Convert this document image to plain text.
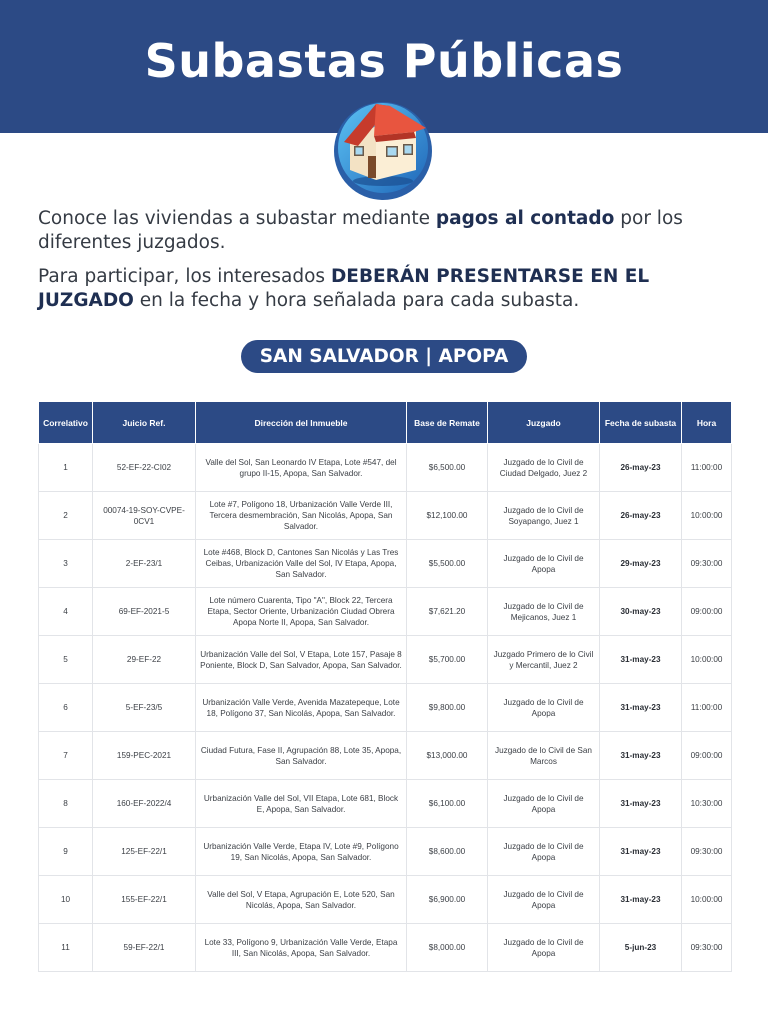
Subastas Públicas

Conoce las viviendas a subastar mediante pagos al contado por los diferentes juzgados.

Para participar, los interesados DEBERÁN PRESENTARSE EN EL JUZGADO en la fecha y hora señalada para cada subasta.

SAN SALVADOR | APOPA
Correlativo	Juicio Ref.	Dirección del Inmueble	Base de Remate	Juzgado	Fecha de subasta	Hora
1	52-EF-22-CI02	Valle del Sol, San Leonardo IV Etapa, Lote #547, del grupo II-15, Apopa, San Salvador.	$6,500.00	Juzgado de lo Civil de Ciudad Delgado, Juez 2	26-may-23	11:00:00
2	00074-19-SOY-CVPE-0CV1	Lote #7, Polígono 18, Urbanización Valle Verde III, Tercera desmembración, San Nicolás, Apopa, San Salvador.	$12,100.00	Juzgado de lo Civil de Soyapango, Juez 1	26-may-23	10:00:00
3	2-EF-23/1	Lote #468, Block D, Cantones San Nicolás y Las Tres Ceibas, Urbanización Valle del Sol, IV Etapa, Apopa, San Salvador.	$5,500.00	Juzgado de lo Civil de Apopa	29-may-23	09:30:00
4	69-EF-2021-5	Lote número Cuarenta, Tipo "A", Block 22, Tercera Etapa, Sector Oriente, Urbanización Ciudad Obrera Apopa Norte II, Apopa, San Salvador.	$7,621.20	Juzgado de lo Civil de Mejicanos, Juez 1	30-may-23	09:00:00
5	29-EF-22	Urbanización Valle del Sol, V Etapa, Lote 157, Pasaje 8 Poniente, Block D, San Salvador, Apopa, San Salvador.	$5,700.00	Juzgado Primero de lo Civil y Mercantil, Juez 2	31-may-23	10:00:00
6	5-EF-23/5	Urbanización Valle Verde, Avenida Mazatepeque, Lote 18, Polígono 37, San Nicolás, Apopa, San Salvador.	$9,800.00	Juzgado de lo Civil de Apopa	31-may-23	11:00:00
7	159-PEC-2021	Ciudad Futura, Fase II, Agrupación 88, Lote 35, Apopa, San Salvador.	$13,000.00	Juzgado de lo Civil de San Marcos	31-may-23	09:00:00
8	160-EF-2022/4	Urbanización Valle del Sol, VII Etapa, Lote 681, Block E, Apopa, San Salvador.	$6,100.00	Juzgado de lo Civil de Apopa	31-may-23	10:30:00
9	125-EF-22/1	Urbanización Valle Verde, Etapa IV, Lote #9, Polígono 19, San Nicolás, Apopa, San Salvador.	$8,600.00	Juzgado de lo Civil de Apopa	31-may-23	09:30:00
10	155-EF-22/1	Valle del Sol, V Etapa, Agrupación E, Lote 520, San Nicolás, Apopa, San Salvador.	$6,900.00	Juzgado de lo Civil de Apopa	31-may-23	10:00:00
11	59-EF-22/1	Lote 33, Polígono 9, Urbanización Valle Verde, Etapa III, San Nicolás, Apopa, San Salvador.	$8,000.00	Juzgado de lo Civil de Apopa	5-jun-23	09:30:00
